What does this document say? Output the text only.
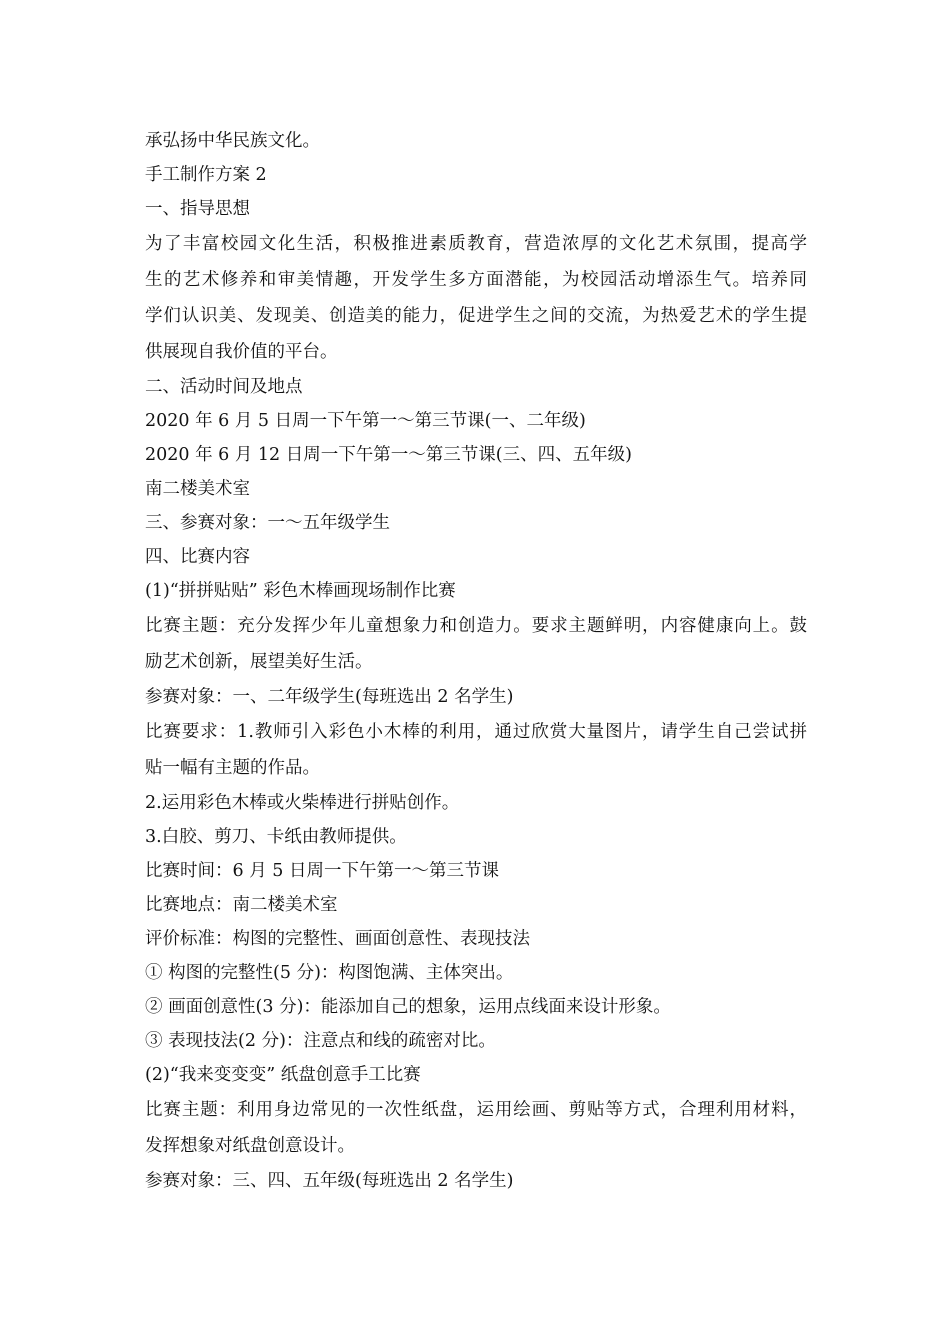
承弘扬中华民族文化。
手工制作方案 2
一、指导思想
为了丰富校园文化生活，积极推进素质教育，营造浓厚的文化艺术氛围，提高学
生的艺术修养和审美情趣，开发学生多方面潜能，为校园活动增添生气。培养同
学们认识美、发现美、创造美的能力，促进学生之间的交流，为热爱艺术的学生提
供展现自我价值的平台。
二、活动时间及地点
2020 年 6 月 5 日周一下午第一～第三节课(一、二年级)
2020 年 6 月 12 日周一下午第一～第三节课(三、四、五年级)
南二楼美术室
三、参赛对象：一～五年级学生
四、比赛内容
(1)“拼拼贴贴” 彩色木棒画现场制作比赛
比赛主题：充分发挥少年儿童想象力和创造力。要求主题鲜明，内容健康向上。鼓
励艺术创新，展望美好生活。
参赛对象：一、二年级学生(每班选出 2 名学生)
比赛要求：1.教师引入彩色小木棒的利用，通过欣赏大量图片，请学生自己尝试拼
贴一幅有主题的作品。
2.运用彩色木棒或火柴棒进行拼贴创作。
3.白胶、剪刀、卡纸由教师提供。
比赛时间：6 月 5 日周一下午第一～第三节课
比赛地点：南二楼美术室
评价标准：构图的完整性、画面创意性、表现技法
① 构图的完整性(5 分)：构图饱满、主体突出。
② 画面创意性(3 分)：能添加自己的想象，运用点线面来设计形象。
③ 表现技法(2 分)：注意点和线的疏密对比。
(2)“我来变变变” 纸盘创意手工比赛
比赛主题：利用身边常见的一次性纸盘，运用绘画、剪贴等方式，合理利用材料，
发挥想象对纸盘创意设计。
参赛对象：三、四、五年级(每班选出 2 名学生)
